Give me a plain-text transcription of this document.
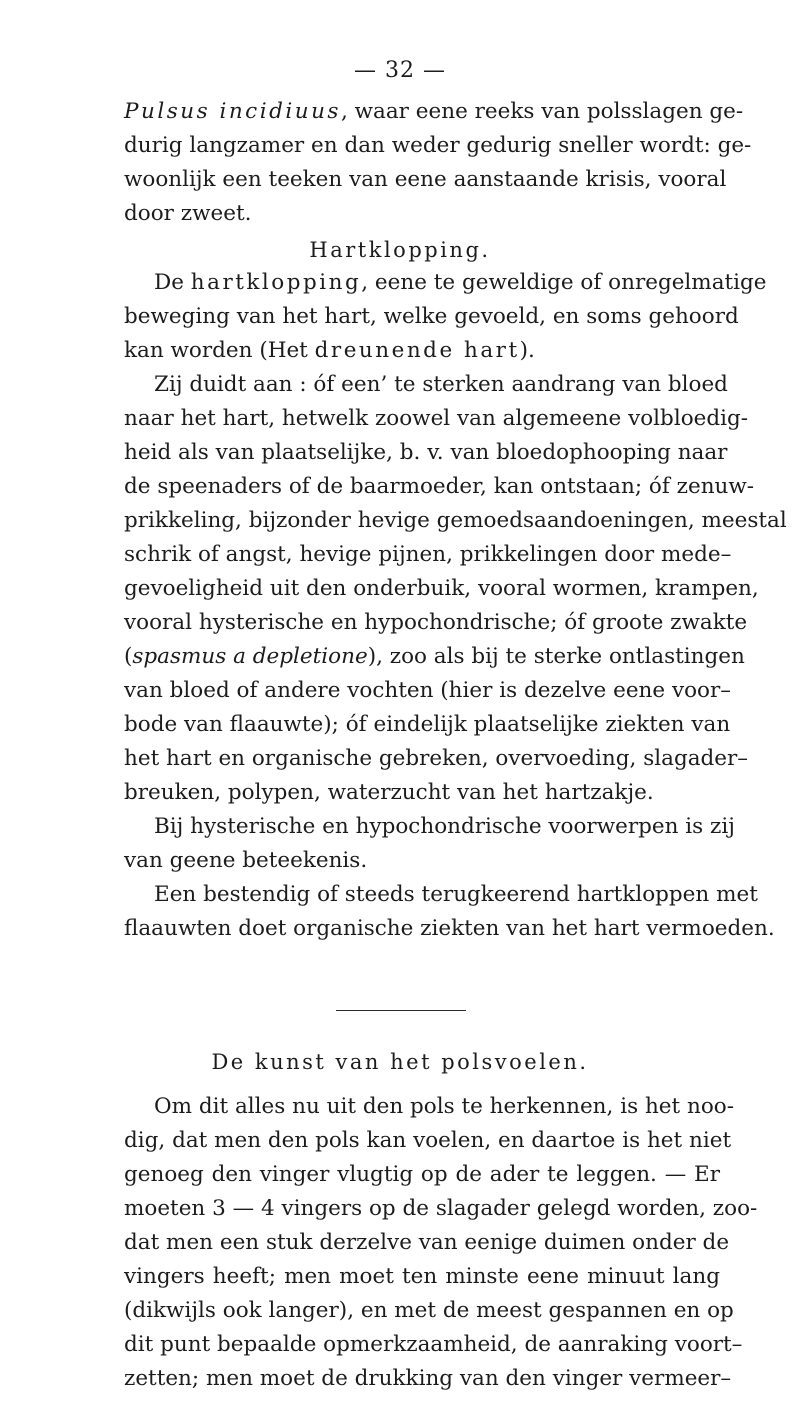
— 32 —
Pulsus incidiuus, waar eene reeks van polsslagen ge-
durig langzamer en dan weder gedurig sneller wordt: ge-
woonlijk een teeken van eene aanstaande krisis, vooral
door zweet.
Hartklopping.
De hartklopping, eene te geweldige of onregelmatige
beweging van het hart, welke gevoeld, en soms gehoord
kan worden (Het dreunende hart).
Zij duidt aan : óf een’ te sterken aandrang van bloed
naar het hart, hetwelk zoowel van algemeene volbloedig-
heid als van plaatselijke, b. v. van bloedophooping naar
de speenaders of de baarmoeder, kan ontstaan; óf zenuw-
prikkeling, bijzonder hevige gemoedsaandoeningen, meestal
schrik of angst, hevige pijnen, prikkelingen door mede–
gevoeligheid uit den onderbuik, vooral wormen, krampen,
vooral hysterische en hypochondrische; óf groote zwakte
(spasmus a depletione), zoo als bij te sterke ontlastingen
van bloed of andere vochten (hier is dezelve eene voor–
bode van flaauwte); óf eindelijk plaatselijke ziekten van
het hart en organische gebreken, overvoeding, slagader–
breuken, polypen, waterzucht van het hartzakje.
Bij hysterische en hypochondrische voorwerpen is zij
van geene beteekenis.
Een bestendig of steeds terugkeerend hartkloppen met
flaauwten doet organische ziekten van het hart vermoeden.
De kunst van het polsvoelen.
Om dit alles nu uit den pols te herkennen, is het noo-
dig, dat men den pols kan voelen, en daartoe is het niet
genoeg den vinger vlugtig op de ader te leggen. — Er
moeten 3 — 4 vingers op de slagader gelegd worden, zoo-
dat men een stuk derzelve van eenige duimen onder de
vingers heeft; men moet ten minste eene minuut lang
(dikwijls ook langer), en met de meest gespannen en op
dit punt bepaalde opmerkzaamheid, de aanraking voort–
zetten; men moet de drukking van den vinger vermeer–
